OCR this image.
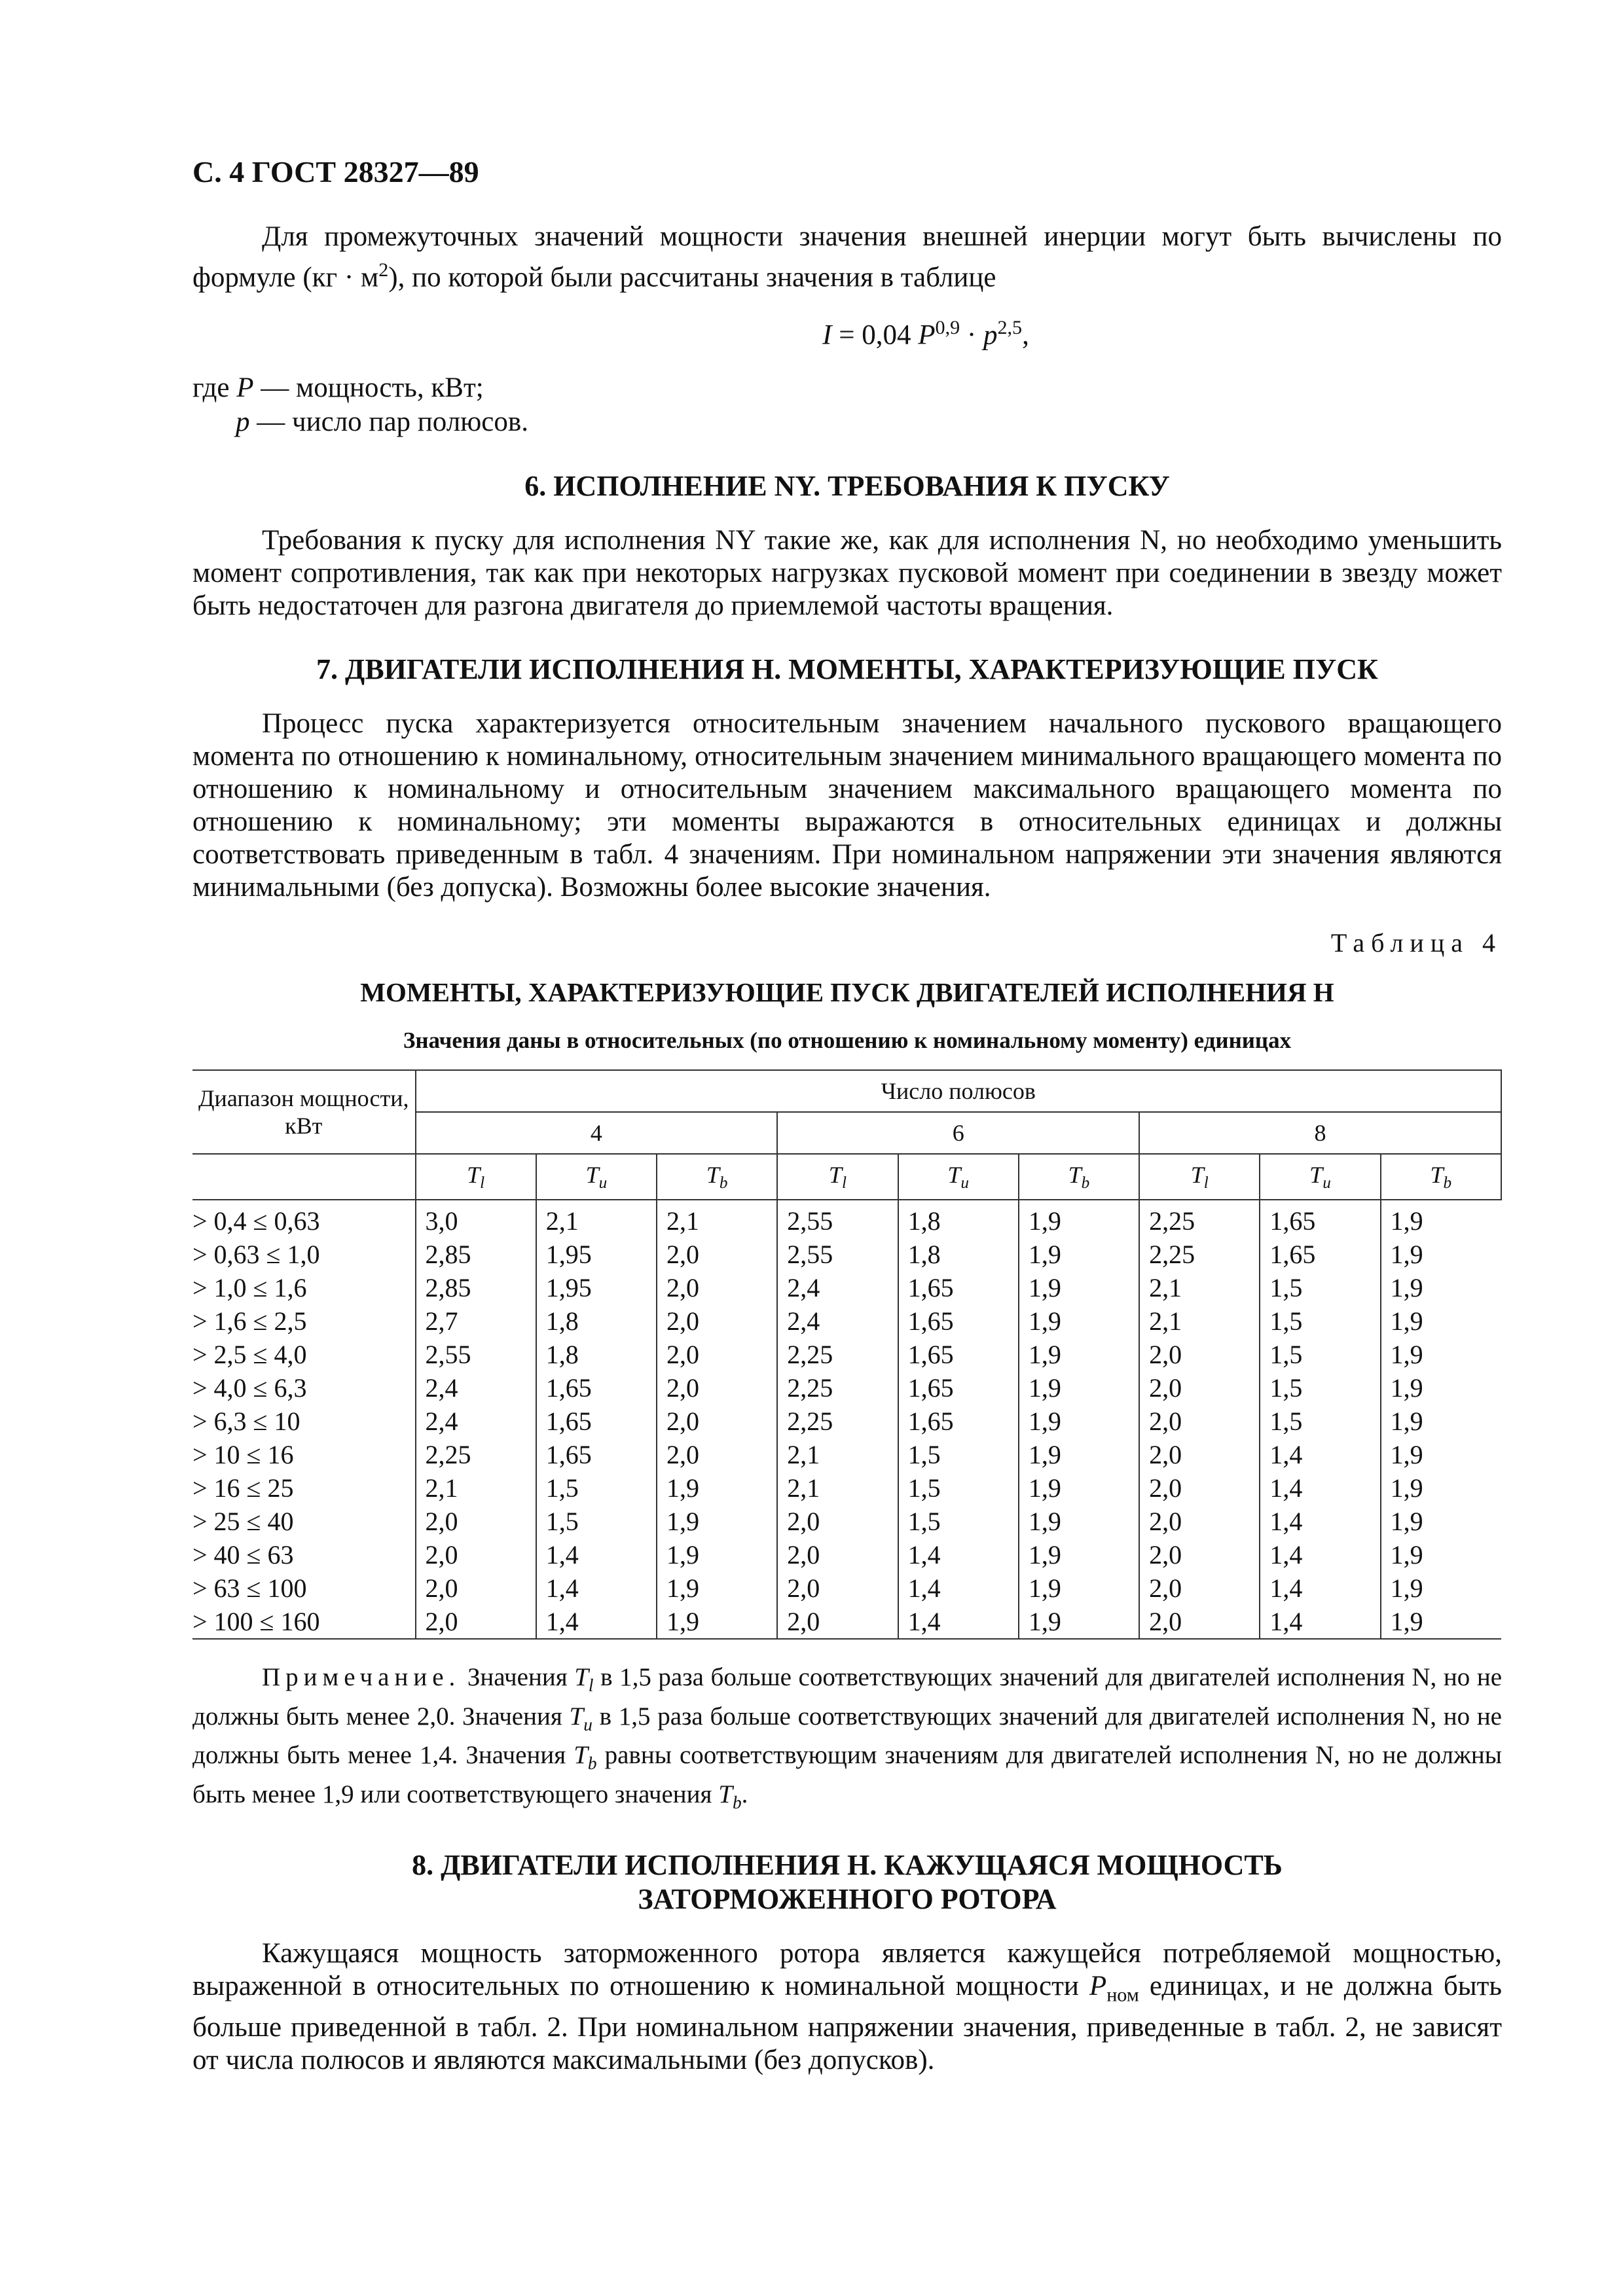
С. 4 ГОСТ 28327—89

Для промежуточных значений мощности значения внешней инерции могут быть вычислены по формуле $(кг \cdot м^2)$, по которой были рассчитаны значения в таблице

I = 0,04 $P^{0,9} \cdot p^{2,5}$,
где P — мощность, кВт;
p — число пар полюсов.
6. ИСПОЛНЕНИЕ NY. ТРЕБОВАНИЯ К ПУСКУ

Требования к пуску для исполнения NY такие же, как для исполнения N, но необходимо уменьшить момент сопротивления, так как при некоторых нагрузках пусковой момент при соединении в звезду может быть недостаточен для разгона двигателя до приемлемой частоты вращения.

7. ДВИГАТЕЛИ ИСПОЛНЕНИЯ Н. МОМЕНТЫ, ХАРАКТЕРИЗУЮЩИЕ ПУСК

Процесс пуска характеризуется относительным значением начального пускового вращающего момента по отношению к номинальному, относительным значением минимального вращающего момента по отношению к номинальному и относительным значением максимального вращающего момента по отношению к номинальному; эти моменты выражаются в относительных единицах и должны соответствовать приведенным в табл. 4 значениям. При номинальном напряжении эти значения являются минимальными (без допуска). Возможны более высокие значения.

Таблица 4
МОМЕНТЫ, ХАРАКТЕРИЗУЮЩИЕ ПУСК ДВИГАТЕЛЕЙ ИСПОЛНЕНИЯ Н
Значения даны в относительных (по отношению к номинальному моменту) единицах
Диапазон мощности, кВт	Число полюсов								
	4			6			8		
	$T_l$	$T_u$	$T_b$	$T_l$	$T_u$	$T_b$	$T_l$	$T_u$	$T_b$
> 0,4 ≤ 0,63	3,0	2,1	2,1	2,55	1,8	1,9	2,25	1,65	1,9
> 0,63 ≤ 1,0	2,85	1,95	2,0	2,55	1,8	1,9	2,25	1,65	1,9
> 1,0 ≤ 1,6	2,85	1,95	2,0	2,4	1,65	1,9	2,1	1,5	1,9
> 1,6 ≤ 2,5	2,7	1,8	2,0	2,4	1,65	1,9	2,1	1,5	1,9
> 2,5 ≤ 4,0	2,55	1,8	2,0	2,25	1,65	1,9	2,0	1,5	1,9
> 4,0 ≤ 6,3	2,4	1,65	2,0	2,25	1,65	1,9	2,0	1,5	1,9
> 6,3 ≤ 10	2,4	1,65	2,0	2,25	1,65	1,9	2,0	1,5	1,9
> 10 ≤ 16	2,25	1,65	2,0	2,1	1,5	1,9	2,0	1,4	1,9
> 16 ≤ 25	2,1	1,5	1,9	2,1	1,5	1,9	2,0	1,4	1,9
> 25 ≤ 40	2,0	1,5	1,9	2,0	1,5	1,9	2,0	1,4	1,9
> 40 ≤ 63	2,0	1,4	1,9	2,0	1,4	1,9	2,0	1,4	1,9
> 63 ≤ 100	2,0	1,4	1,9	2,0	1,4	1,9	2,0	1,4	1,9
> 100 ≤ 160	2,0	1,4	1,9	2,0	1,4	1,9	2,0	1,4	1,9
Примечание. Значения $T_l$ в 1,5 раза больше соответствующих значений для двигателей исполнения N, но не должны быть менее 2,0. Значения $T_u$ в 1,5 раза больше соответствующих значений для двигателей исполнения N, но не должны быть менее 1,4. Значения $T_b$ равны соответствующим значениям для двигателей исполнения N, но не должны быть менее 1,9 или соответствующего значения $T_b$.
8. ДВИГАТЕЛИ ИСПОЛНЕНИЯ Н. КАЖУЩАЯСЯ МОЩНОСТЬ
ЗАТОРМОЖЕННОГО РОТОРА

Кажущаяся мощность заторможенного ротора является кажущейся потребляемой мощностью, выраженной в относительных по отношению к номинальной мощности $P_{ном}$ единицах, и не должна быть больше приведенной в табл. 2. При номинальном напряжении значения, приведенные в табл. 2, не зависят от числа полюсов и являются максимальными (без допусков).
